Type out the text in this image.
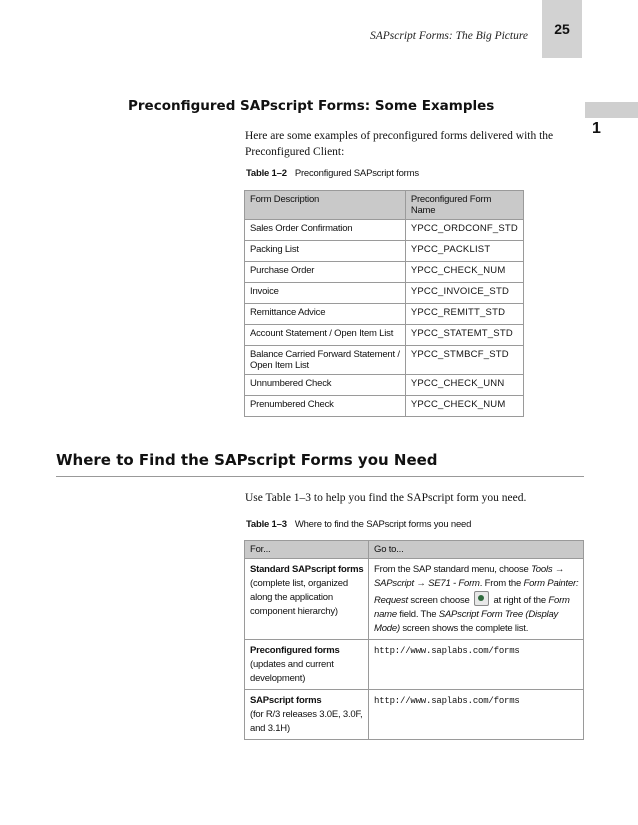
SAPscript Forms: The Big Picture 25
1
Preconfigured SAPscript Forms: Some Examples
Here are some examples of preconfigured forms delivered with the Preconfigured Client:
Table 1–2 Preconfigured SAPscript forms
Form Description	Preconfigured Form Name
Sales Order Confirmation	YPCC_ORDCONF_STD
Packing List	YPCC_PACKLIST
Purchase Order	YPCC_CHECK_NUM
Invoice	YPCC_INVOICE_STD
Remittance Advice	YPCC_REMITT_STD
Account Statement / Open Item List	YPCC_STATEMT_STD
Balance Carried Forward Statement / Open Item List	YPCC_STMBCF_STD
Unnumbered Check	YPCC_CHECK_UNN
Prenumbered Check	YPCC_CHECK_NUM
Where to Find the SAPscript Forms you Need
Use Table 1–3 to help you find the SAPscript form you need.
Table 1–3 Where to find the SAPscript forms you need
For...	Go to...
Standard SAPscript forms
(complete list, organized along the application component hierarchy)	From the SAP standard menu, choose Tools → SAPscript → SE71 - Form. From the Form Painter: Request screen choose  at right of the Form name field. The SAPscript Form Tree (Display Mode) screen shows the complete list.
Preconfigured forms
(updates and current development)	http://www.saplabs.com/forms
SAPscript forms
(for R/3 releases 3.0E, 3.0F, and 3.1H)	http://www.saplabs.com/forms
